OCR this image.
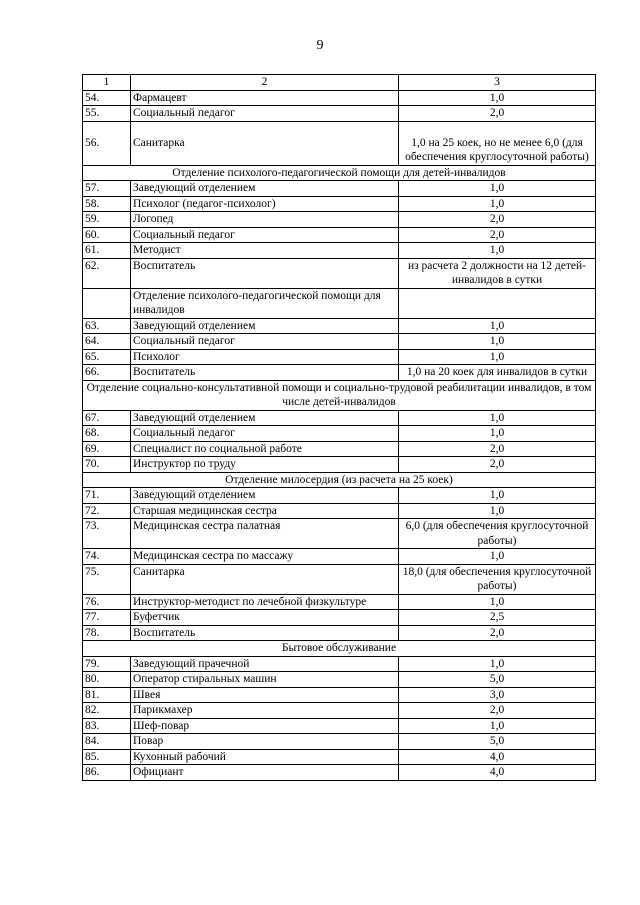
9
1	2	3
54.	Фармацевт	1,0
55.	Социальный педагог	2,0
56.	Санитарка	1,0 на 25 коек, но не менее 6,0 (для обеспечения круглосуточной работы)
Отделение психолого-педагогической помощи для детей-инвалидов		
57.	Заведующий отделением	1,0
58.	Психолог (педагог-психолог)	1,0
59.	Логопед	2,0
60.	Социальный педагог	2,0
61.	Методист	1,0
62.	Воспитатель	из расчета 2 должности на 12 детей-инвалидов в сутки
	Отделение психолого-педагогической помощи для инвалидов	
63.	Заведующий отделением	1,0
64.	Социальный педагог	1,0
65.	Психолог	1,0
66.	Воспитатель	1,0 на 20 коек для инвалидов в сутки
Отделение социально-консультативной помощи и социально-трудовой реабилитации инвалидов, в том числе детей-инвалидов		
67.	Заведующий отделением	1,0
68.	Социальный педагог	1,0
69.	Специалист по социальной работе	2,0
70.	Инструктор по труду	2,0
Отделение милосердия (из расчета на 25 коек)		
71.	Заведующий отделением	1,0
72.	Старшая медицинская сестра	1,0
73.	Медицинская сестра палатная	6,0 (для обеспечения круглосуточной работы)
74.	Медицинская сестра по массажу	1,0
75.	Санитарка	18,0 (для обеспечения круглосуточной работы)
76.	Инструктор-методист по лечебной физкультуре	1,0
77.	Буфетчик	2,5
78.	Воспитатель	2,0
Бытовое обслуживание		
79.	Заведующий прачечной	1,0
80.	Оператор стиральных машин	5,0
81.	Швея	3,0
82.	Парикмахер	2,0
83.	Шеф-повар	1,0
84.	Повар	5,0
85.	Кухонный рабочий	4,0
86.	Официант	4,0
